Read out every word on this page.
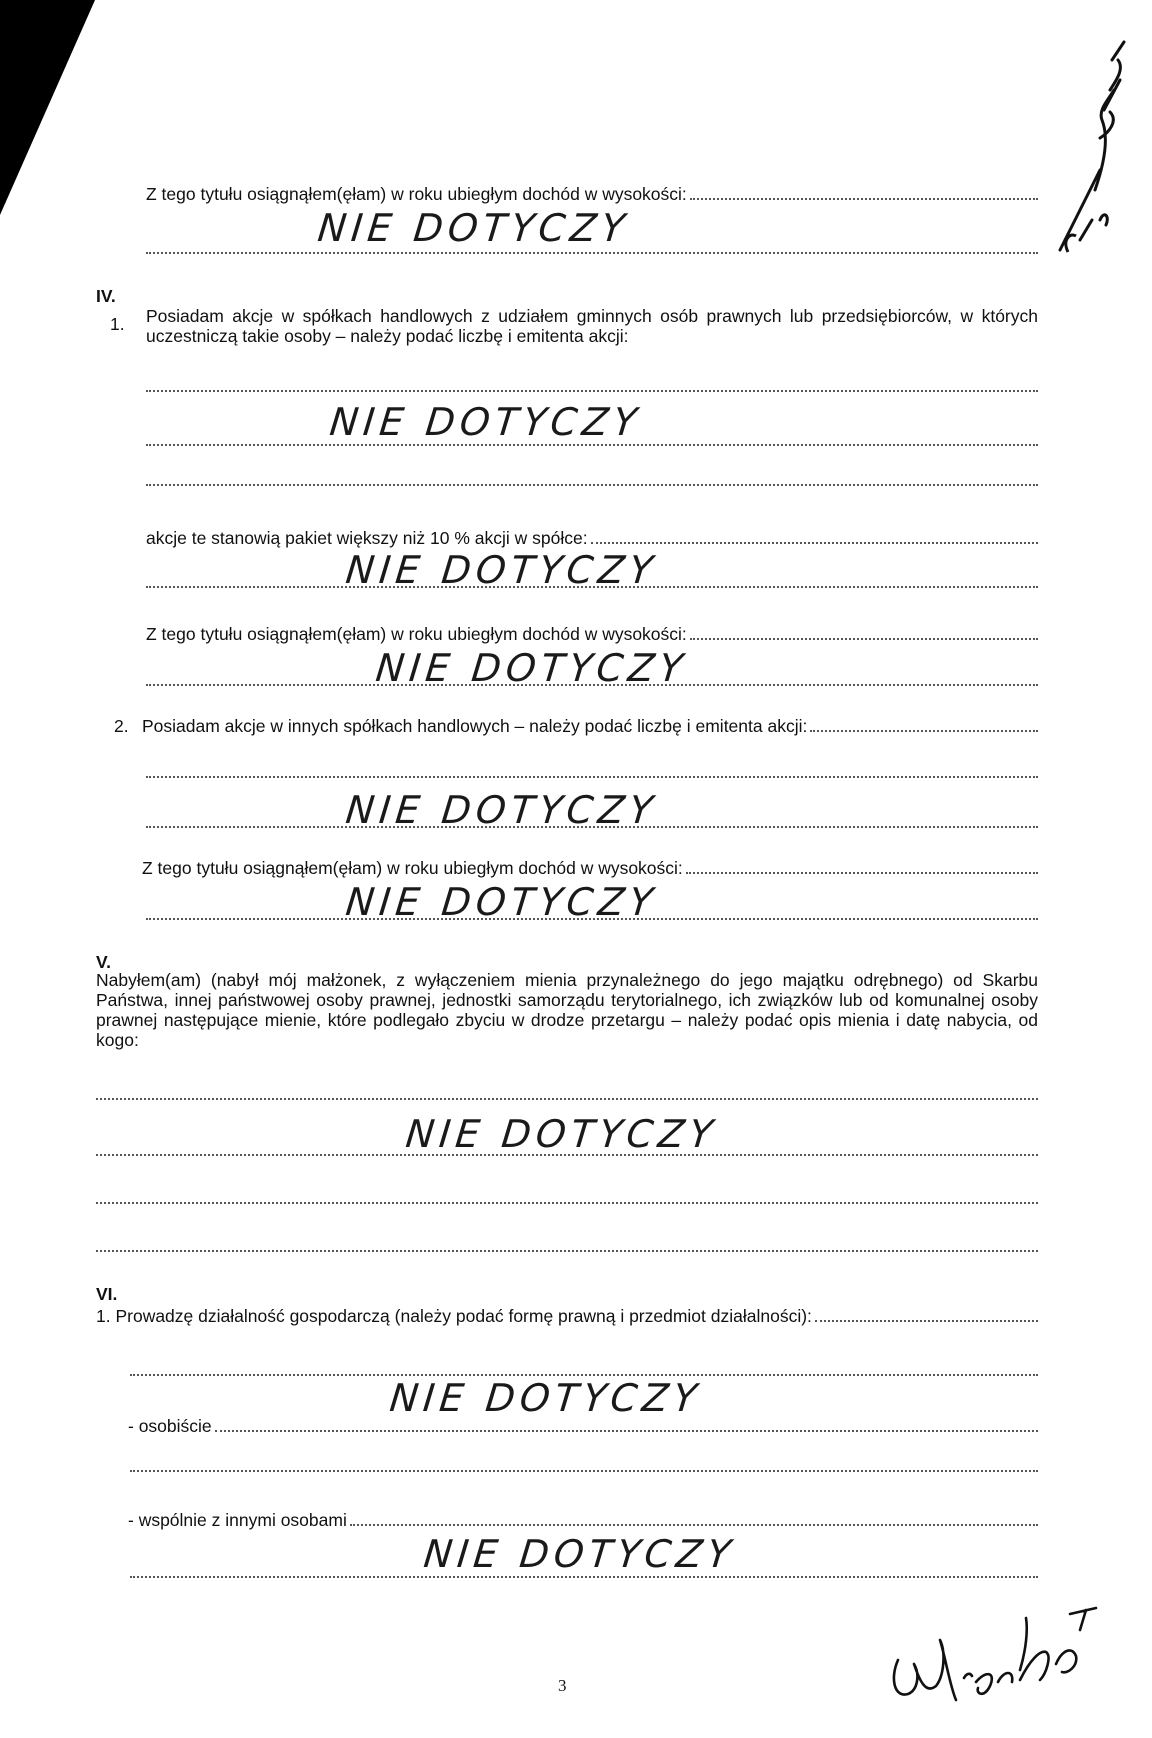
Z tego tytułu osiągnąłem(ęłam) w roku ubiegłym dochód w wysokości:
NIE DOTYCZY
IV.
1. Posiadam akcje w spółkach handlowych z udziałem gminnych osób prawnych lub przedsiębiorców, w których uczestniczą takie osoby – należy podać liczbę i emitenta akcji:
NIE DOTYCZY
akcje te stanowią pakiet większy niż 10 % akcji w spółce:
NIE DOTYCZY
Z tego tytułu osiągnąłem(ęłam) w roku ubiegłym dochód w wysokości:
NIE DOTYCZY
2. Posiadam akcje w innych spółkach handlowych – należy podać liczbę i emitenta akcji:
NIE DOTYCZY
Z tego tytułu osiągnąłem(ęłam) w roku ubiegłym dochód w wysokości:
NIE DOTYCZY
V.
Nabyłem(am) (nabył mój małżonek, z wyłączeniem mienia przynależnego do jego majątku odrębnego) od Skarbu Państwa, innej państwowej osoby prawnej, jednostki samorządu terytorialnego, ich związków lub od komunalnej osoby prawnej następujące mienie, które podlegało zbyciu w drodze przetargu – należy podać opis mienia i datę nabycia, od kogo:
NIE DOTYCZY
VI.
1. Prowadzę działalność gospodarczą (należy podać formę prawną i przedmiot działalności):
- osobiście
NIE DOTYCZY
- wspólnie z innymi osobami
NIE DOTYCZY
3
